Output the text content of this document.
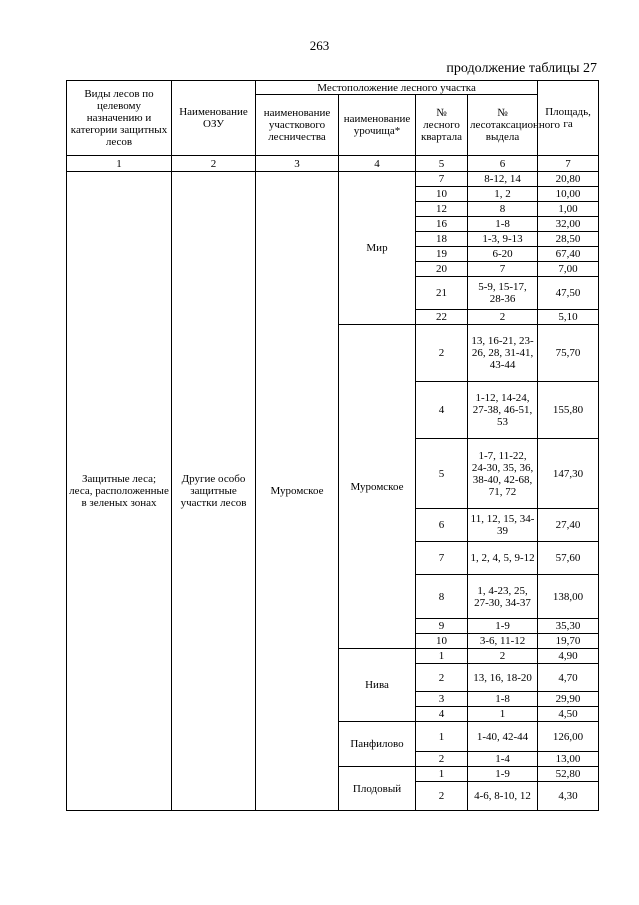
263
продолжение таблицы 27
Виды лесов по целевому назначению и категории защитных лесов	Наименование ОЗУ	Местоположение лесного участка				Площадь, га
		наименование участкового лесничества	наименование урочища*	№ лесного квартала	№ лесотаксационного выдела	
1	2	3	4	5	6	7
Защитные леса; леса, расположенные в зеленых зонах	Другие особо защитные участки лесов	Муромское	Мир	7	8-12, 14	20,80
				10	1, 2	10,00
				12	8	1,00
				16	1-8	32,00
				18	1-3, 9-13	28,50
				19	6-20	67,40
				20	7	7,00
				21	5-9, 15-17, 28-36	47,50
				22	2	5,10
			Муромское	2	13, 16-21, 23-26, 28, 31-41, 43-44	75,70
				4	1-12, 14-24, 27-38, 46-51, 53	155,80
				5	1-7, 11-22, 24-30, 35, 36, 38-40, 42-68, 71, 72	147,30
				6	11, 12, 15, 34-39	27,40
				7	1, 2, 4, 5, 9-12	57,60
				8	1, 4-23, 25, 27-30, 34-37	138,00
				9	1-9	35,30
				10	3-6, 11-12	19,70
			Нива	1	2	4,90
				2	13, 16, 18-20	4,70
				3	1-8	29,90
				4	1	4,50
			Панфилово	1	1-40, 42-44	126,00
				2	1-4	13,00
			Плодовый	1	1-9	52,80
				2	4-6, 8-10, 12	4,30
